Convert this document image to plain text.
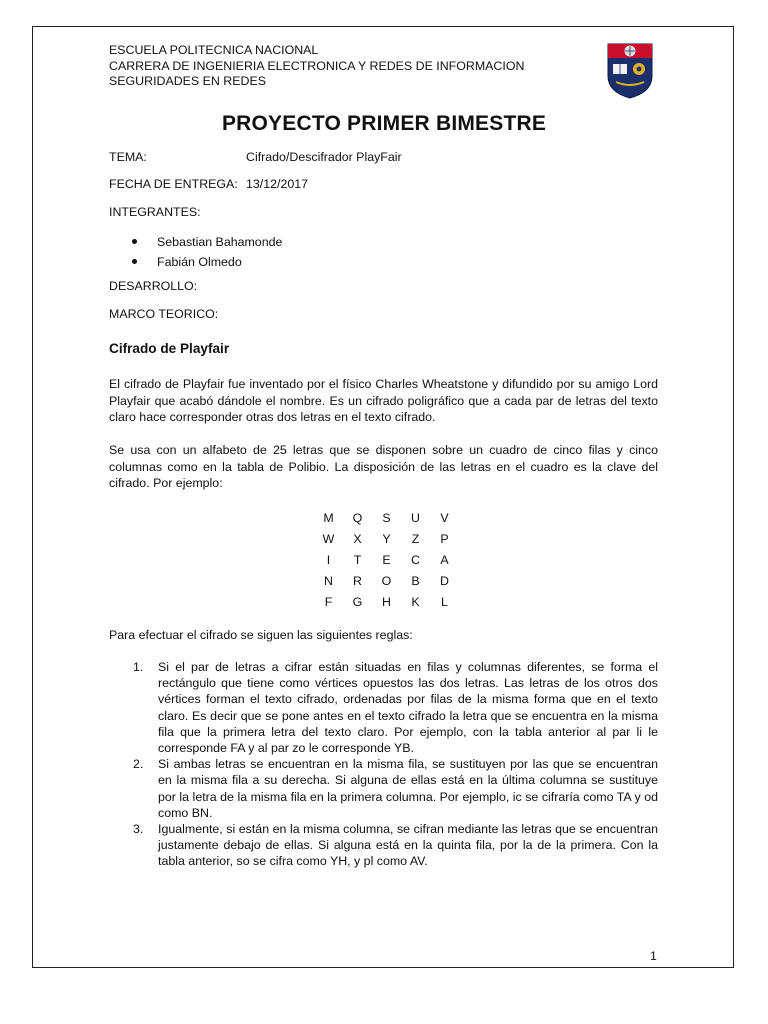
ESCUELA POLITECNICA NACIONAL
CARRERA DE INGENIERIA ELECTRONICA Y REDES DE INFORMACION
SEGURIDADES EN REDES
PROYECTO PRIMER BIMESTRE
TEMA:	Cifrado/Descifrador PlayFair
FECHA DE ENTREGA: 13/12/2017
INTEGRANTES:
Sebastian Bahamonde
Fabián Olmedo
DESARROLLO:
MARCO TEORICO:
Cifrado de Playfair
El cifrado de Playfair fue inventado por el físico Charles Wheatstone y difundido por su amigo Lord Playfair que acabó dándole el nombre. Es un cifrado poligráfico que a cada par de letras del texto claro hace corresponder otras dos letras en el texto cifrado.
Se usa con un alfabeto de 25 letras que se disponen sobre un cuadro de cinco filas y cinco columnas como en la tabla de Polibio. La disposición de las letras en el cuadro es la clave del cifrado. Por ejemplo:
M	Q	S	U	V
W	X	Y	Z	P
I	T	E	C	A
N	R	O	B	D
F	G	H	K	L
Para efectuar el cifrado se siguen las siguientes reglas:
1. Si el par de letras a cifrar están situadas en filas y columnas diferentes, se forma el rectángulo que tiene como vértices opuestos las dos letras. Las letras de los otros dos vértices forman el texto cifrado, ordenadas por filas de la misma forma que en el texto claro. Es decir que se pone antes en el texto cifrado la letra que se encuentra en la misma fila que la primera letra del texto claro. Por ejemplo, con la tabla anterior al par li le corresponde FA y al par zo le corresponde YB.
2. Si ambas letras se encuentran en la misma fila, se sustituyen por las que se encuentran en la misma fila a su derecha. Si alguna de ellas está en la última columna se sustituye por la letra de la misma fila en la primera columna. Por ejemplo, ic se cifraría como TA y od como BN.
3. Igualmente, si están en la misma columna, se cifran mediante las letras que se encuentran justamente debajo de ellas. Si alguna está en la quinta fila, por la de la primera. Con la tabla anterior, so se cifra como YH, y pl como AV.
1
